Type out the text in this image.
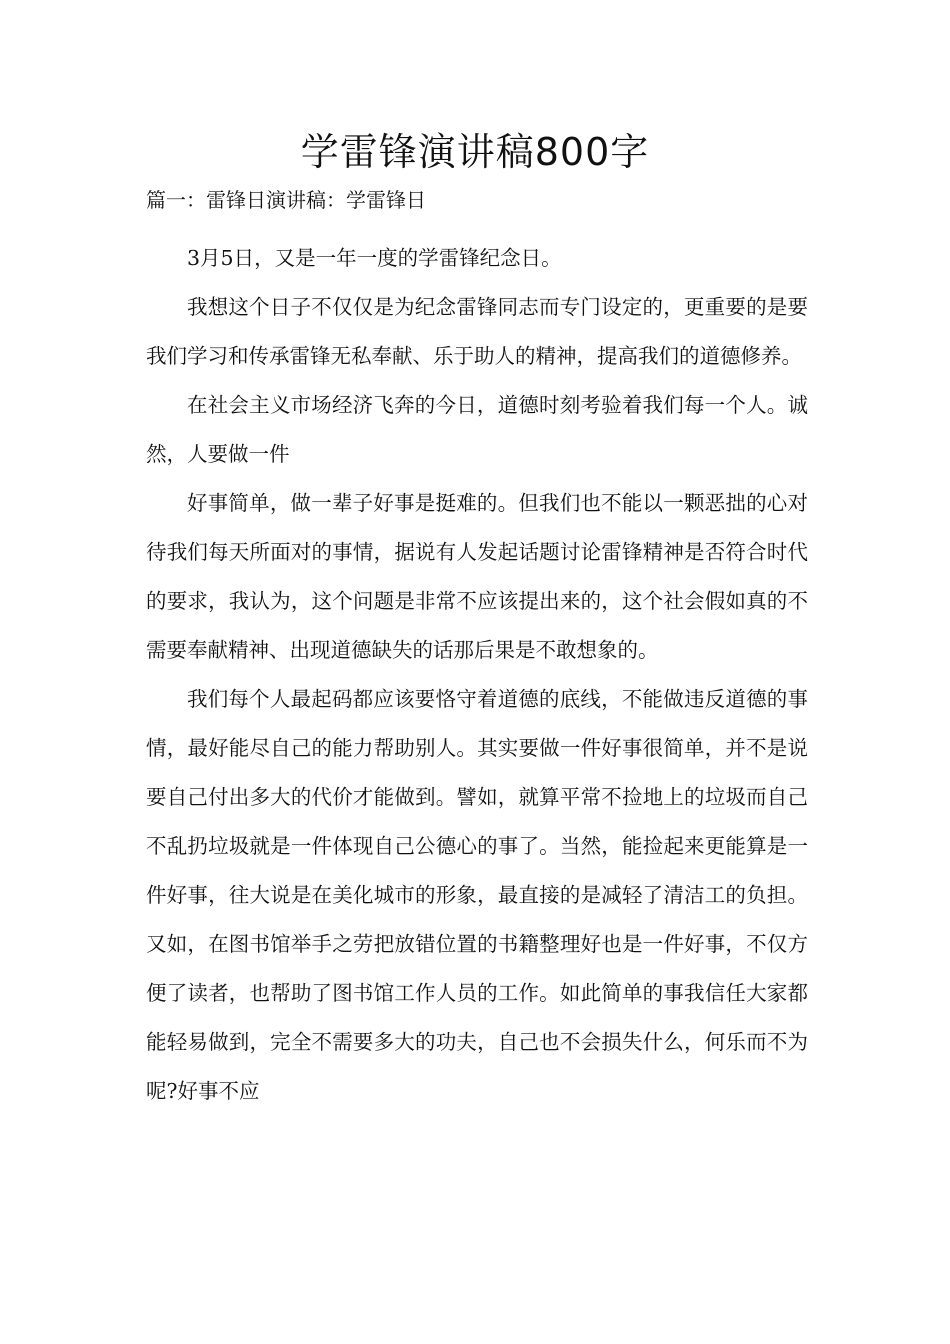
学雷锋演讲稿800字
篇一：雷锋日演讲稿：学雷锋日

3月5日，又是一年一度的学雷锋纪念日。

我想这个日子不仅仅是为纪念雷锋同志而专门设定的，更重要的是要我们学习和传承雷锋无私奉献、乐于助人的精神，提高我们的道德修养。

在社会主义市场经济飞奔的今日，道德时刻考验着我们每一个人。诚然，人要做一件

好事简单，做一辈子好事是挺难的。但我们也不能以一颗恶拙的心对待我们每天所面对的事情，据说有人发起话题讨论雷锋精神是否符合时代的要求，我认为，这个问题是非常不应该提出来的，这个社会假如真的不需要奉献精神、出现道德缺失的话那后果是不敢想象的。

我们每个人最起码都应该要恪守着道德的底线，不能做违反道德的事情，最好能尽自己的能力帮助别人。其实要做一件好事很简单，并不是说要自己付出多大的代价才能做到。譬如，就算平常不捡地上的垃圾而自己不乱扔垃圾就是一件体现自己公德心的事了。当然，能捡起来更能算是一件好事，往大说是在美化城市的形象，最直接的是减轻了清洁工的负担。又如，在图书馆举手之劳把放错位置的书籍整理好也是一件好事，不仅方便了读者，也帮助了图书馆工作人员的工作。如此简单的事我信任大家都能轻易做到，完全不需要多大的功夫，自己也不会损失什么，何乐而不为呢?好事不应
